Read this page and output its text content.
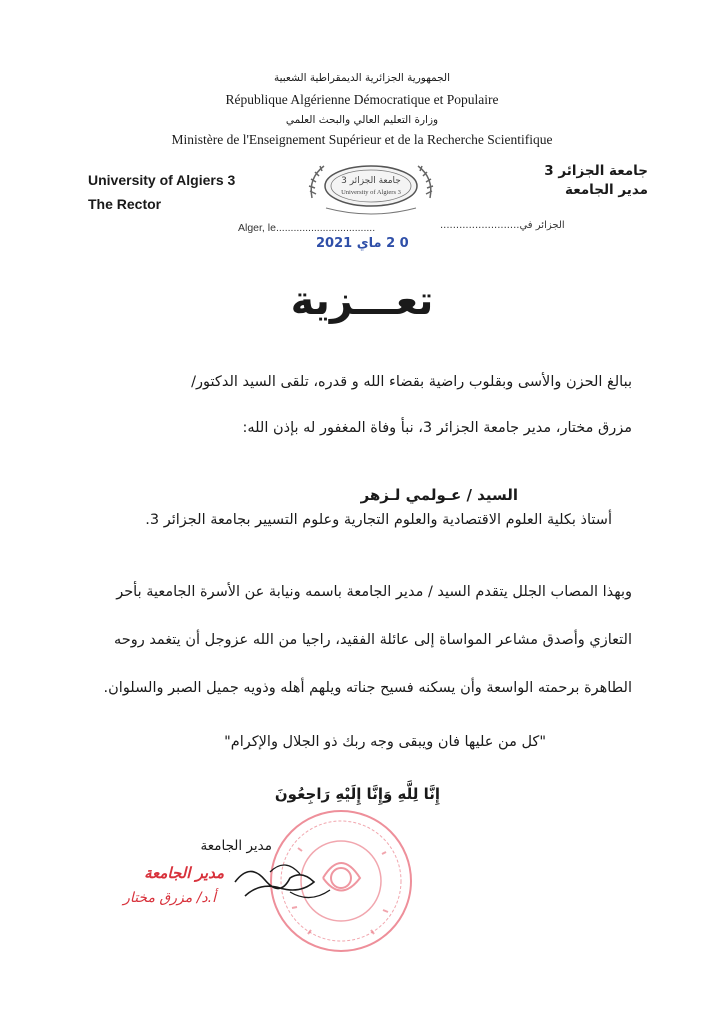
الجمهورية الجزائرية الديمقراطية الشعبية
République Algérienne Démocratique et Populaire
وزارة التعليم العالي والبحث العلمي
Ministère de l'Enseignement Supérieur et de la Recherche Scientifique
University of Algiers 3
The Rector
جامعة الجزائر 3
مدير الجامعة
جامعة الجزائر 3
University of Algiers 3
Alger, le..................................	الجزائر في.........................
0 2 ماي 2021
تعـــزية
ببالغ الحزن والأسى وبقلوب راضية بقضاء الله و قدره، تلقى السيد الدكتور/
مزرق مختار، مدير جامعة الجزائر 3، نبأ وفاة المغفور له بإذن الله:
السيد / عـولمي لـزهر
أستاذ بكلية العلوم الاقتصادية والعلوم التجارية وعلوم التسيير بجامعة الجزائر 3.
وبهذا المصاب الجلل يتقدم السيد / مدير الجامعة باسمه ونيابة عن الأسرة الجامعية بأحر
التعازي وأصدق مشاعر المواساة إلى عائلة الفقيد، راجيا من الله عزوجل أن يتغمد روحه
الطاهرة برحمته الواسعة وأن يسكنه فسيح جناته ويلهم أهله وذويه جميل الصبر والسلوان.
"كل من عليها فان ويبقى وجه ربك ذو الجلال والإكرام"
إِنَّا لِلَّهِ وَإِنَّا إِلَيْهِ رَاجِعُونَ
مدير الجامعة
مدير الجامعة
أ.د/ مزرق مختار
